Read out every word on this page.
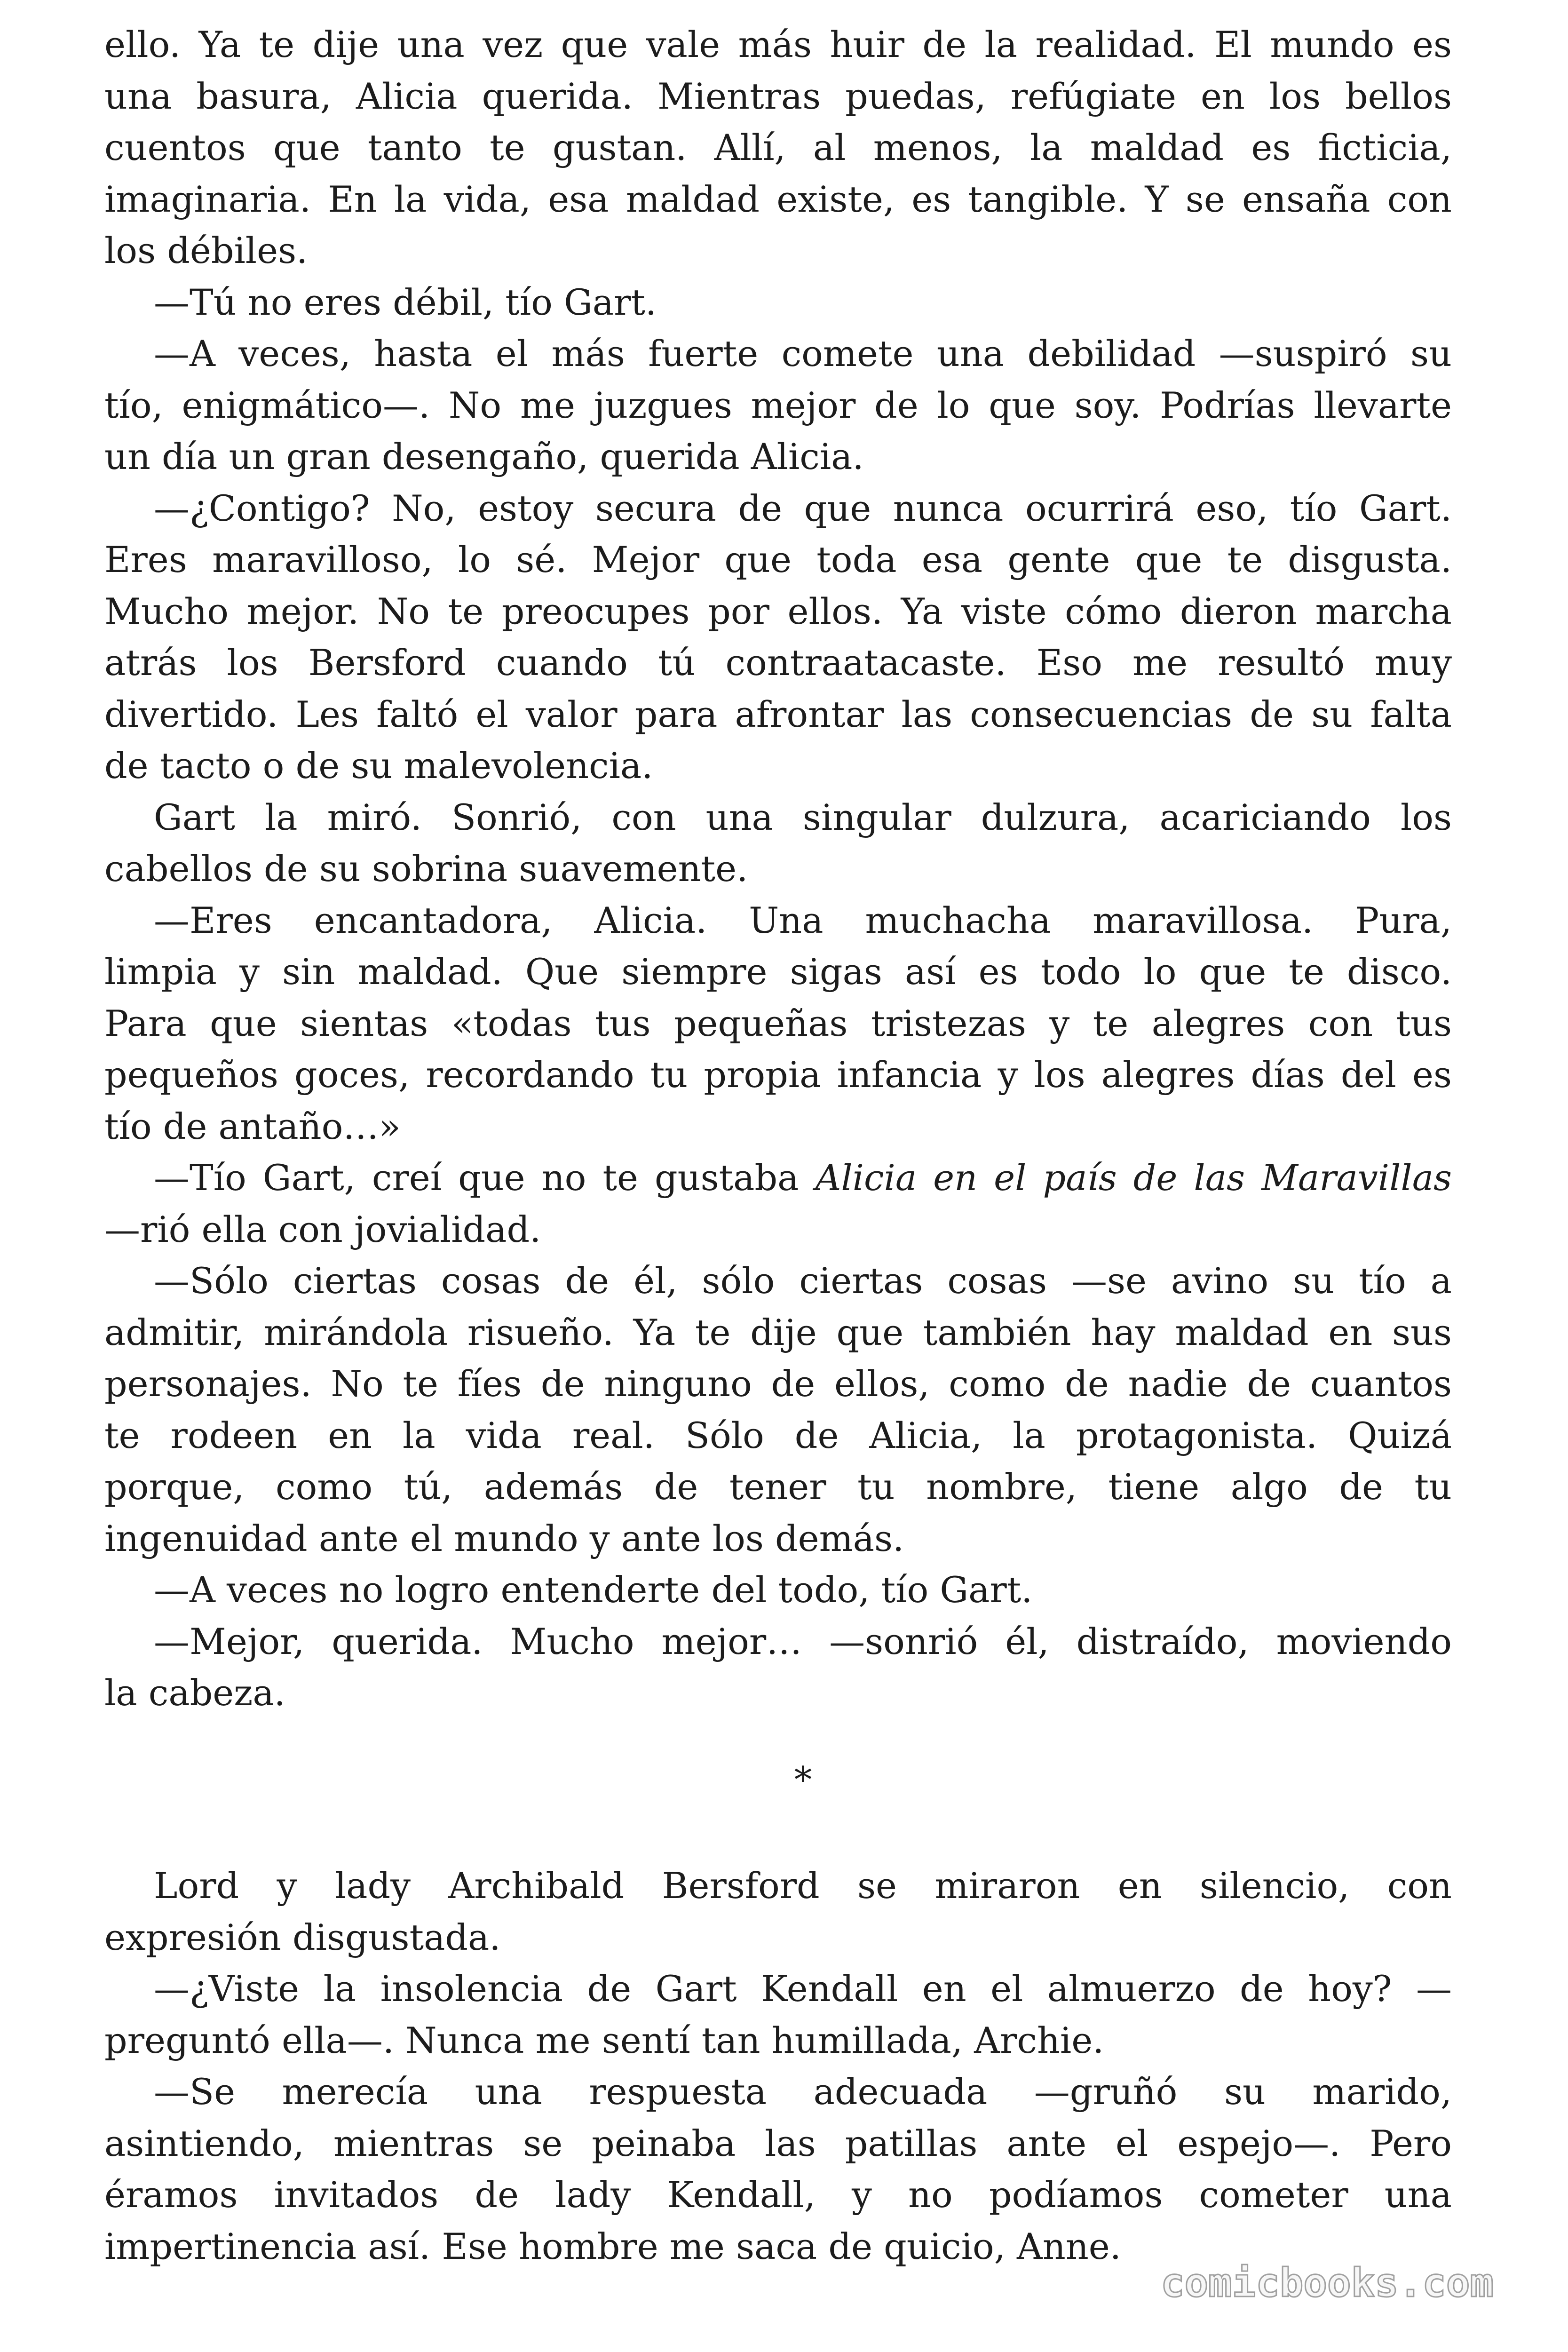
ello. Ya te dije una vez que vale más huir de la realidad. El mundo es
una basura, Alicia querida. Mientras puedas, refúgiate en los bellos
cuentos que tanto te gustan. Allí, al menos, la maldad es ficticia,
imaginaria. En la vida, esa maldad existe, es tangible. Y se ensaña con
los débiles.
—Tú no eres débil, tío Gart.
—A veces, hasta el más fuerte comete una debilidad —suspiró su
tío, enigmático—. No me juzgues mejor de lo que soy. Podrías llevarte
un día un gran desengaño, querida Alicia.
—¿Contigo? No, estoy secura de que nunca ocurrirá eso, tío Gart.
Eres maravilloso, lo sé. Mejor que toda esa gente que te disgusta.
Mucho mejor. No te preocupes por ellos. Ya viste cómo dieron marcha
atrás los Bersford cuando tú contraatacaste. Eso me resultó muy
divertido. Les faltó el valor para afrontar las consecuencias de su falta
de tacto o de su malevolencia.
Gart la miró. Sonrió, con una singular dulzura, acariciando los
cabellos de su sobrina suavemente.
—Eres encantadora, Alicia. Una muchacha maravillosa. Pura,
limpia y sin maldad. Que siempre sigas así es todo lo que te disco.
Para que sientas «todas tus pequeñas tristezas y te alegres con tus
pequeños goces, recordando tu propia infancia y los alegres días del es
tío de antaño…»
—Tío Gart, creí que no te gustaba Alicia en el país de las Maravillas
—rió ella con jovialidad.
—Sólo ciertas cosas de él, sólo ciertas cosas —se avino su tío a
admitir, mirándola risueño. Ya te dije que también hay maldad en sus
personajes. No te fíes de ninguno de ellos, como de nadie de cuantos
te rodeen en la vida real. Sólo de Alicia, la protagonista. Quizá
porque, como tú, además de tener tu nombre, tiene algo de tu
ingenuidad ante el mundo y ante los demás.
—A veces no logro entenderte del todo, tío Gart.
—Mejor, querida. Mucho mejor… —sonrió él, distraído, moviendo
la cabeza.
*
Lord y lady Archibald Bersford se miraron en silencio, con
expresión disgustada.
—¿Viste la insolencia de Gart Kendall en el almuerzo de hoy? —
preguntó ella—. Nunca me sentí tan humillada, Archie.
—Se merecía una respuesta adecuada —gruñó su marido,
asintiendo, mientras se peinaba las patillas ante el espejo—. Pero
éramos invitados de lady Kendall, y no podíamos cometer una
impertinencia así. Ese hombre me saca de quicio, Anne.
comicbooks.com
